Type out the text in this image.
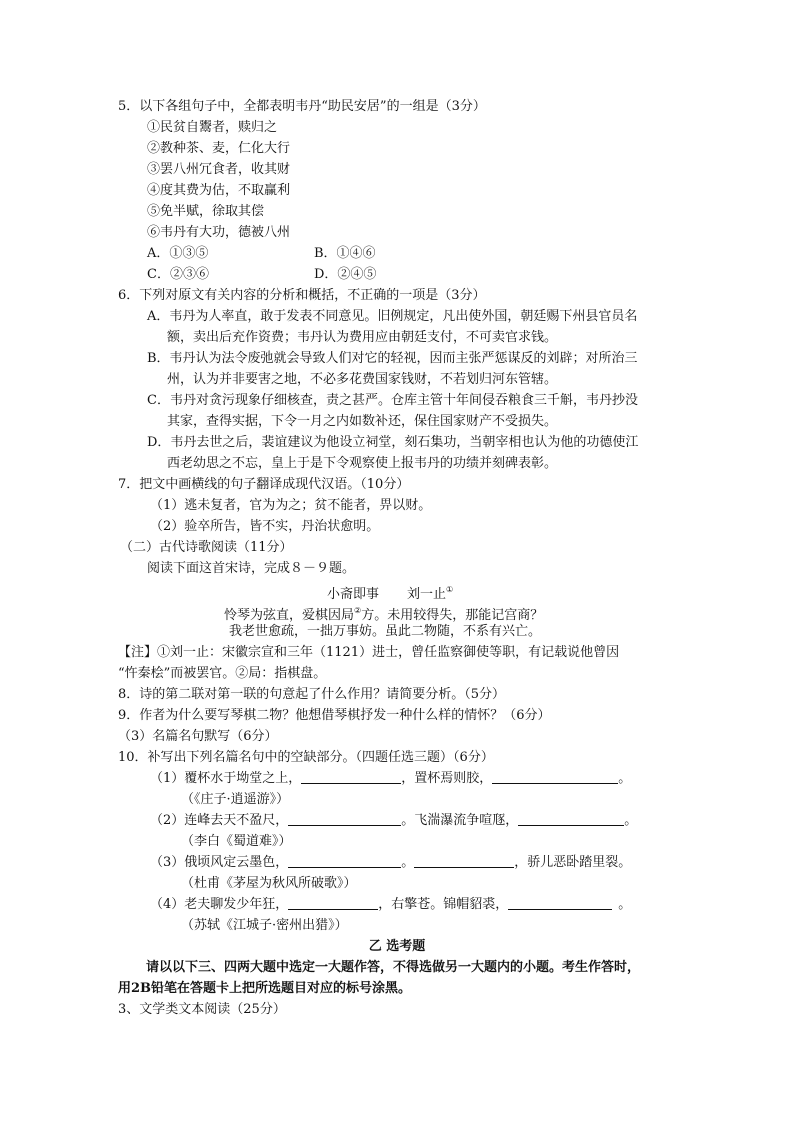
5．以下各组句子中，全都表明韦丹“助民安居”的一组是（3分）
①民贫自鬻者，赎归之
②教种茶、麦，仁化大行
③罢八州冗食者，收其财
④度其费为估，不取赢利
⑤免半赋，徐取其偿
⑥韦丹有大功，德被八州
A．①③⑤	B．①④⑥
C．②③⑥	D．②④⑤
6．下列对原文有关内容的分析和概括，不正确的一项是（3分）
A．韦丹为人率直，敢于发表不同意见。旧例规定，凡出使外国，朝廷赐下州县官员名
额，卖出后充作资费；韦丹认为费用应由朝廷支付，不可卖官求钱。
B．韦丹认为法令废弛就会导致人们对它的轻视，因而主张严惩谋反的刘辟；对所治三
州，认为并非要害之地，不必多花费国家钱财，不若划归河东管辖。
C．韦丹对贪污现象仔细核查，责之甚严。仓库主管十年间侵吞粮食三千斛，韦丹抄没
其家，查得实据，下令一月之内如数补还，保住国家财产不受损失。
D．韦丹去世之后，裴谊建议为他设立祠堂，刻石集功，当朝宰相也认为他的功德使江
西老幼思之不忘，皇上于是下令观察使上报韦丹的功绩并刻碑表彰。
7．把文中画横线的句子翻译成现代汉语。（10分）
（1）逃未复者，官为为之；贫不能者，畀以财。
（2）验卒所告，皆不实，丹治状愈明。
（二）古代诗歌阅读（11分）
阅读下面这首宋诗，完成８－９题。
小斋即事 刘一止①
怜琴为弦直，爱棋因局②方。未用较得失，那能记宫商？
我老世愈疏，一拙万事妨。虽此二物随，不系有兴亡。
【注】①刘一止：宋徽宗宣和三年（1121）进士，曾任监察御使等职，有记载说他曾因
“忤秦桧”而被罢官。②局：指棋盘。
8．诗的第二联对第一联的句意起了什么作用？请简要分析。（5分）
9．作者为什么要写琴棋二物？他想借琴棋抒发一种什么样的情怀？（6分）
（3）名篇名句默写（6分）
10．补写出下列名篇名句中的空缺部分。（四题任选三题）（6分）
（1）覆杯水于坳堂之上，	，置杯焉则胶，	。
（《庄子·逍遥游》）
（2）连峰去天不盈尺，	。飞湍瀑流争喧豗，	。
（李白《蜀道难》）
（3）俄顷风定云墨色，	。	，骄儿恶卧踏里裂。
（杜甫《茅屋为秋风所破歌》）
（4）老夫聊发少年狂，	，右擎苍。锦帽貂裘，	。
（苏轼《江城子·密州出猎》）
乙 选考题
请以以下三、四两大题中选定一大题作答，不得选做另一大题内的小题。考生作答时，
用2B铅笔在答题卡上把所选题目对应的标号涂黑。
3、文学类文本阅读（25分）
